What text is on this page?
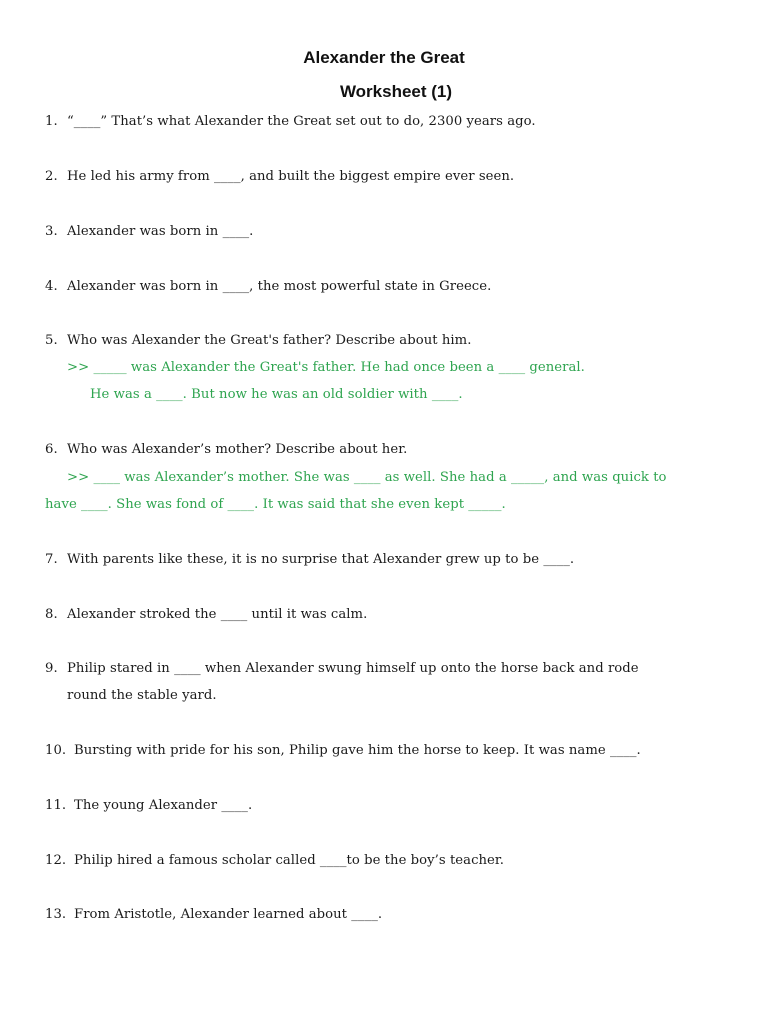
Alexander the Great
Worksheet (1)
1. “____” That’s what Alexander the Great set out to do, 2300 years ago.
2. He led his army from ____, and built the biggest empire ever seen.
3. Alexander was born in ____.
4. Alexander was born in ____, the most powerful state in Greece.
5. Who was Alexander the Great's father? Describe about him.
>> _____ was Alexander the Great's father. He had once been a ____ general.
He was a ____. But now he was an old soldier with ____.
6. Who was Alexander’s mother? Describe about her.
>> ____ was Alexander’s mother. She was ____ as well. She had a _____, and was quick to
have ____. She was fond of ____. It was said that she even kept _____.
7. With parents like these, it is no surprise that Alexander grew up to be ____.
8. Alexander stroked the ____ until it was calm.
9. Philip stared in ____ when Alexander swung himself up onto the horse back and rode
round the stable yard.
10. Bursting with pride for his son, Philip gave him the horse to keep. It was name ____.
11. The young Alexander ____.
12. Philip hired a famous scholar called ____to be the boy’s teacher.
13. From Aristotle, Alexander learned about ____.
